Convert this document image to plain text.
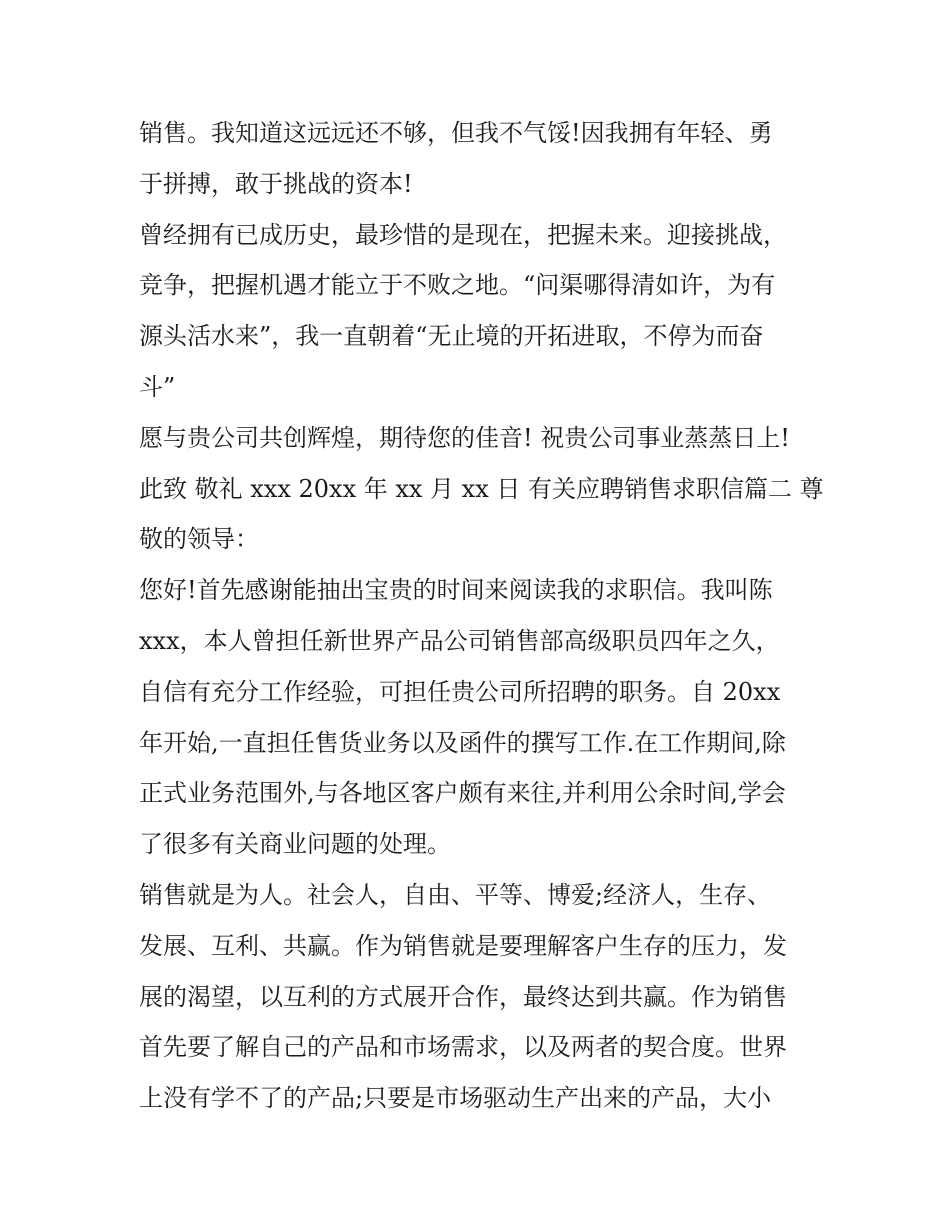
销售。我知道这远远还不够，但我不气馁!因我拥有年轻、勇
于拼搏，敢于挑战的资本!

曾经拥有已成历史，最珍惜的是现在，把握未来。迎接挑战，
竞争，把握机遇才能立于不败之地。“问渠哪得清如许，为有
源头活水来”，我一直朝着“无止境的开拓进取，不停为而奋
斗”

愿与贵公司共创辉煌，期待您的佳音! 祝贵公司事业蒸蒸日上!
此致 敬礼 xxx 20xx 年 xx 月 xx 日 有关应聘销售求职信篇二 尊
敬的领导：

您好!首先感谢能抽出宝贵的时间来阅读我的求职信。我叫陈
xxx，本人曾担任新世界产品公司销售部高级职员四年之久，
自信有充分工作经验，可担任贵公司所招聘的职务。自 20xx
年开始,一直担任售货业务以及函件的撰写工作.在工作期间,除
正式业务范围外,与各地区客户颇有来往,并利用公余时间,学会
了很多有关商业问题的处理。

销售就是为人。社会人，自由、平等、博爱;经济人，生存、
发展、互利、共赢。作为销售就是要理解客户生存的压力，发
展的渴望，以互利的方式展开合作，最终达到共赢。作为销售
首先要了解自己的产品和市场需求，以及两者的契合度。世界
上没有学不了的产品;只要是市场驱动生产出来的产品，大小
